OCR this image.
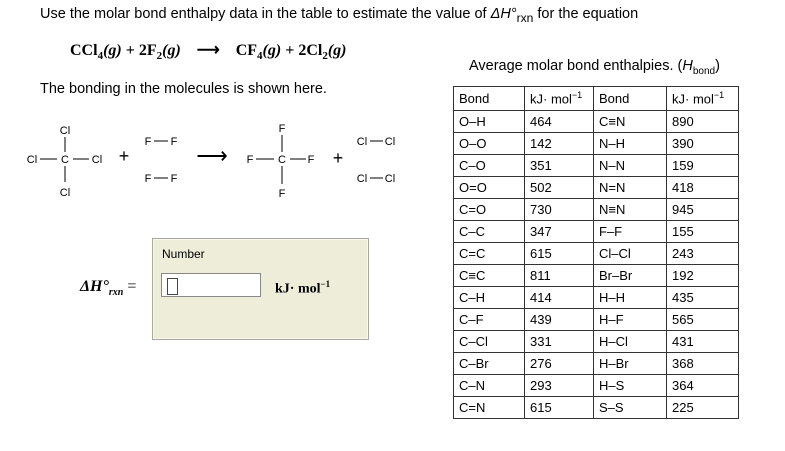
Use the molar bond enthalpy data in the table to estimate the value of $\Delta H^\circ_{rxn}$ for the equation
$CCl_4(g) + 2F_2(g)$ ⟶ $CF_4(g) + 2Cl_2(g)$
The bonding in the molecules is shown here.
Cl
C
Cl	Cl
Cl
+
F F
F F
⟶
F
C
F	F
F
+
Cl Cl
Cl Cl
Average molar bond enthalpies. $(H_{bond})$
Bond	kJ· mol$^{-1}$	Bond	kJ· mol$^{-1}$
O–H	464	C≡N	890
O–O	142	N–H	390
C–O	351	N–N	159
O=O	502	N=N	418
C=O	730	N≡N	945
C–C	347	F–F	155
C=C	615	Cl–Cl	243
C≡C	811	Br–Br	192
C–H	414	H–H	435
C–F	439	H–F	565
C–Cl	331	H–Cl	431
C–Br	276	H–Br	368
C–N	293	H–S	364
C=N	615	S–S	225
$\Delta H^\circ_{rxn}$ =
Number
kJ· mol$^{-1}$
